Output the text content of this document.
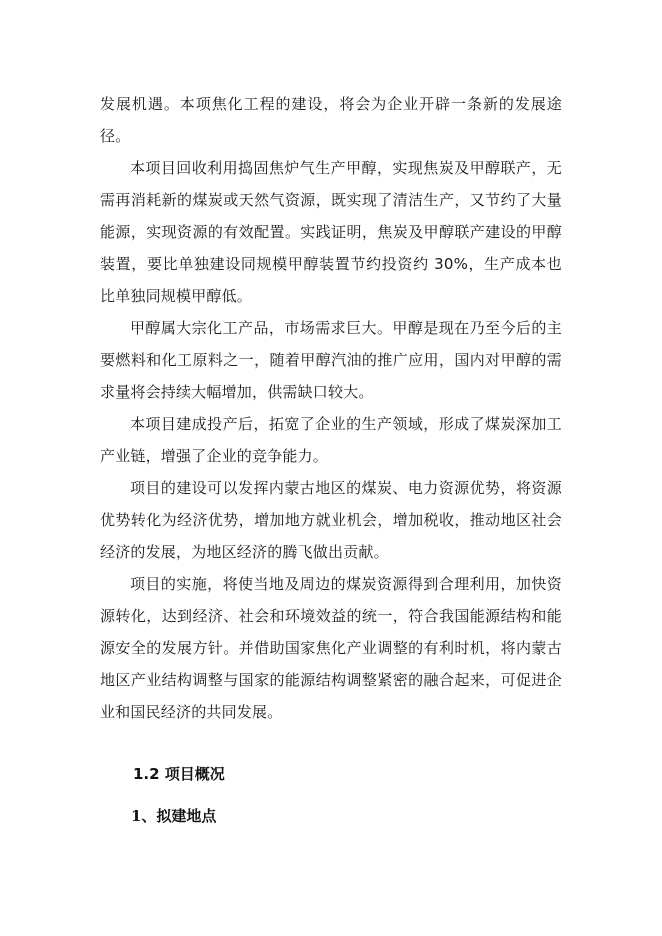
发展机遇。本项焦化工程的建设，将会为企业开辟一条新的发展途径。

本项目回收利用捣固焦炉气生产甲醇，实现焦炭及甲醇联产，无需再消耗新的煤炭或天然气资源，既实现了清洁生产，又节约了大量能源，实现资源的有效配置。实践证明，焦炭及甲醇联产建设的甲醇装置，要比单独建设同规模甲醇装置节约投资约 30%，生产成本也比单独同规模甲醇低。

甲醇属大宗化工产品，市场需求巨大。甲醇是现在乃至今后的主要燃料和化工原料之一，随着甲醇汽油的推广应用，国内对甲醇的需求量将会持续大幅增加，供需缺口较大。

本项目建成投产后，拓宽了企业的生产领域，形成了煤炭深加工产业链，增强了企业的竞争能力。

项目的建设可以发挥内蒙古地区的煤炭、电力资源优势，将资源优势转化为经济优势，增加地方就业机会，增加税收，推动地区社会经济的发展，为地区经济的腾飞做出贡献。

项目的实施，将使当地及周边的煤炭资源得到合理利用，加快资源转化，达到经济、社会和环境效益的统一，符合我国能源结构和能源安全的发展方针。并借助国家焦化产业调整的有利时机，将内蒙古地区产业结构调整与国家的能源结构调整紧密的融合起来，可促进企业和国民经济的共同发展。

1.2 项目概况
1、拟建地点
